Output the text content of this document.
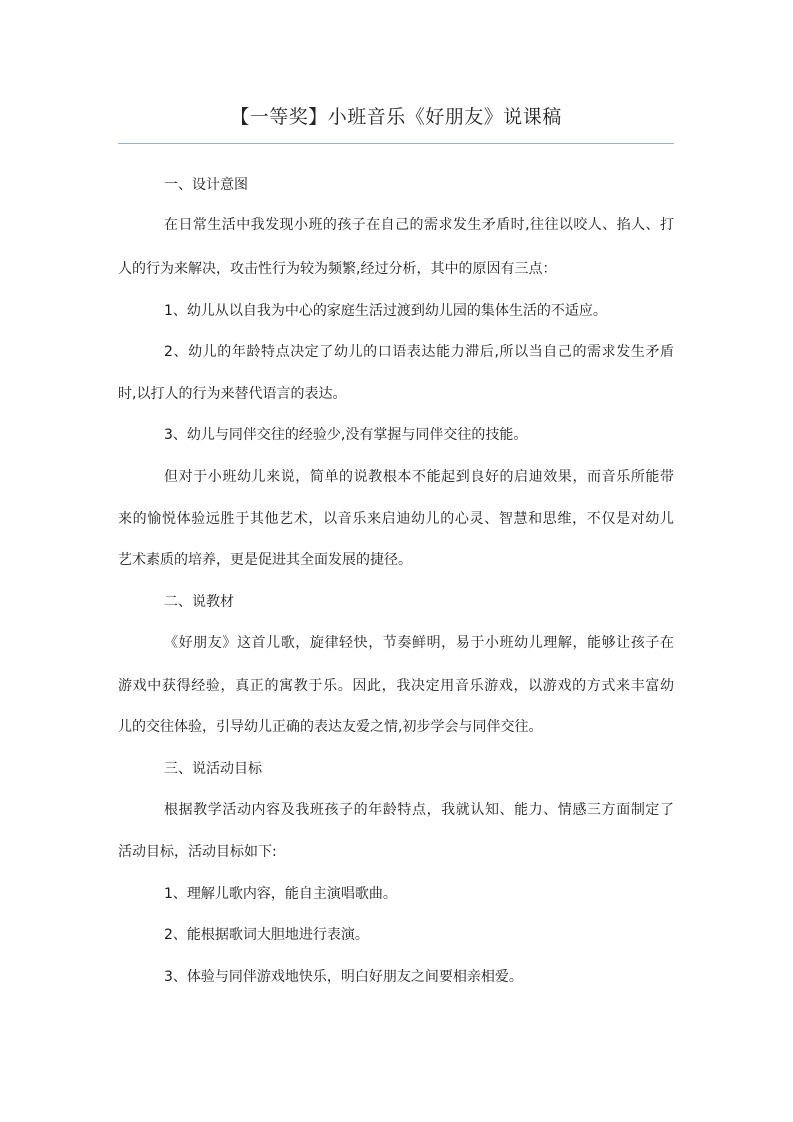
【一等奖】小班音乐《好朋友》说课稿
一、设计意图
在日常生活中我发现小班的孩子在自己的需求发生矛盾时,往往以咬人、掐人、打
人的行为来解决，攻击性行为较为频繁,经过分析，其中的原因有三点：
1、幼儿从以自我为中心的家庭生活过渡到幼儿园的集体生活的不适应。
2、幼儿的年龄特点决定了幼儿的口语表达能力滞后,所以当自己的需求发生矛盾
时,以打人的行为来替代语言的表达。
3、幼儿与同伴交往的经验少,没有掌握与同伴交往的技能。
但对于小班幼儿来说，简单的说教根本不能起到良好的启迪效果，而音乐所能带
来的愉悦体验远胜于其他艺术，以音乐来启迪幼儿的心灵、智慧和思维，不仅是对幼儿
艺术素质的培养，更是促进其全面发展的捷径。
二、说教材
《好朋友》这首儿歌，旋律轻快，节奏鲜明，易于小班幼儿理解，能够让孩子在
游戏中获得经验，真正的寓教于乐。因此，我决定用音乐游戏，以游戏的方式来丰富幼
儿的交往体验，引导幼儿正确的表达友爱之情,初步学会与同伴交往。
三、说活动目标
根据教学活动内容及我班孩子的年龄特点，我就认知、能力、情感三方面制定了
活动目标，活动目标如下:
1、理解儿歌内容，能自主演唱歌曲。
2、能根据歌词大胆地进行表演。
3、体验与同伴游戏地快乐，明白好朋友之间要相亲相爱。
